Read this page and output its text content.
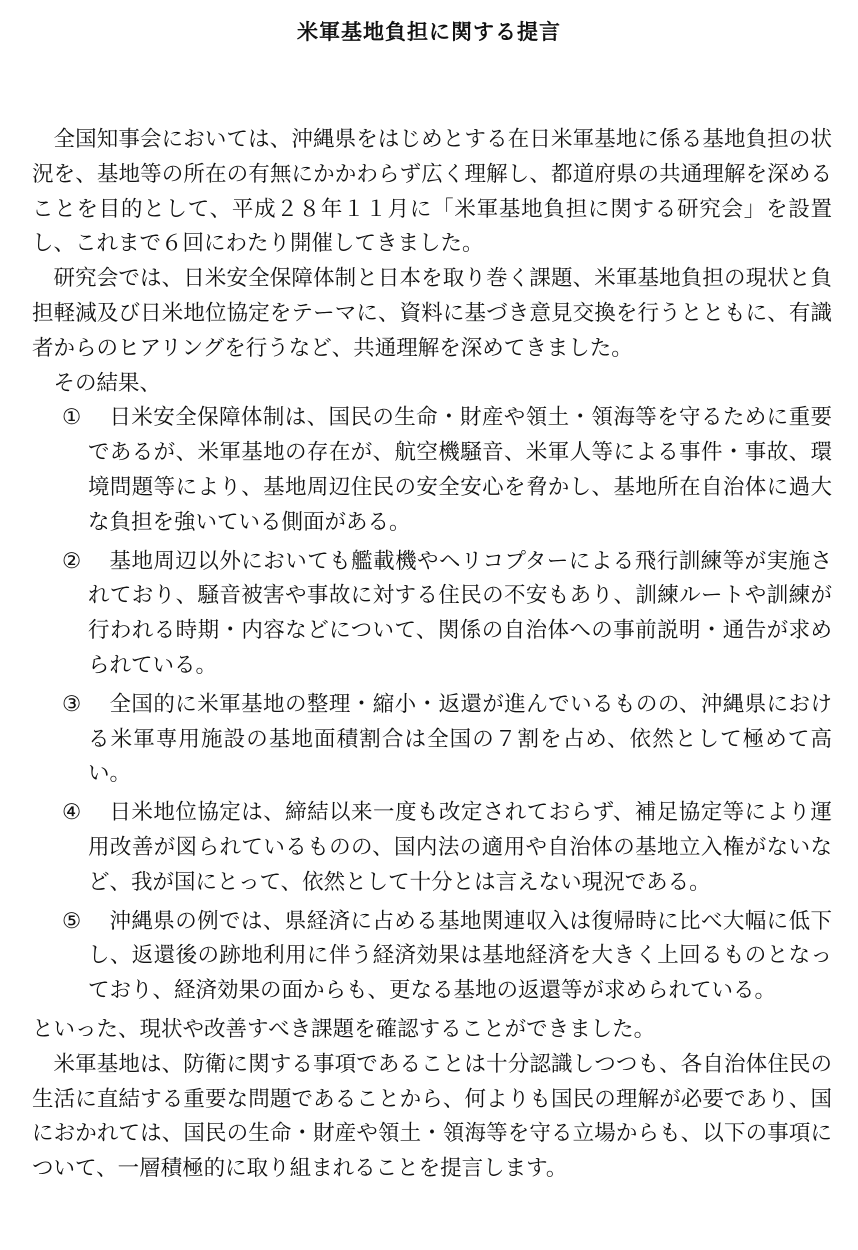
米軍基地負担に関する提言

全国知事会においては、沖縄県をはじめとする在日米軍基地に係る基地負担の状況を、基地等の所在の有無にかかわらず広く理解し、都道府県の共通理解を深めることを目的として、平成２８年１１月に「米軍基地負担に関する研究会」を設置し、これまで６回にわたり開催してきました。

研究会では、日米安全保障体制と日本を取り巻く課題、米軍基地負担の現状と負担軽減及び日米地位協定をテーマに、資料に基づき意見交換を行うとともに、有識者からのヒアリングを行うなど、共通理解を深めてきました。

その結果、

①	日米安全保障体制は、国民の生命・財産や領土・領海等を守るために重要であるが、米軍基地の存在が、航空機騒音、米軍人等による事件・事故、環境問題等により、基地周辺住民の安全安心を脅かし、基地所在自治体に過大な負担を強いている側面がある。
②	基地周辺以外においても艦載機やヘリコプターによる飛行訓練等が実施されており、騒音被害や事故に対する住民の不安もあり、訓練ルートや訓練が行われる時期・内容などについて、関係の自治体への事前説明・通告が求められている。
③	全国的に米軍基地の整理・縮小・返還が進んでいるものの、沖縄県における米軍専用施設の基地面積割合は全国の７割を占め、依然として極めて高い。
④	日米地位協定は、締結以来一度も改定されておらず、補足協定等により運用改善が図られているものの、国内法の適用や自治体の基地立入権がないなど、我が国にとって、依然として十分とは言えない現況である。
⑤	沖縄県の例では、県経済に占める基地関連収入は復帰時に比べ大幅に低下し、返還後の跡地利用に伴う経済効果は基地経済を大きく上回るものとなっており、経済効果の面からも、更なる基地の返還等が求められている。

といった、現状や改善すべき課題を確認することができました。

米軍基地は、防衛に関する事項であることは十分認識しつつも、各自治体住民の生活に直結する重要な問題であることから、何よりも国民の理解が必要であり、国におかれては、国民の生命・財産や領土・領海等を守る立場からも、以下の事項について、一層積極的に取り組まれることを提言します。
